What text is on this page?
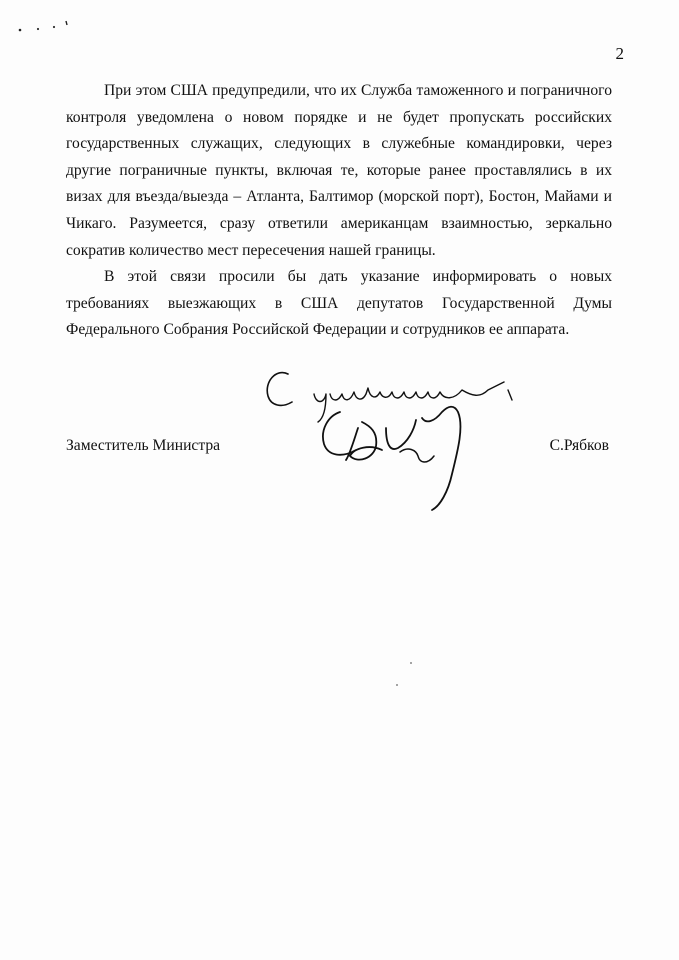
2

При этом США предупредили, что их Служба таможенного и пограничного контроля уведомлена о новом порядке и не будет пропускать российских государственных служащих, следующих в служебные командировки, через другие пограничные пункты, включая те, которые ранее проставлялись в их визах для въезда/выезда – Атланта, Балтимор (морской порт), Бостон, Майами и Чикаго. Разумеется, сразу ответили американцам взаимностью, зеркально сократив количество мест пересечения нашей границы.

В этой связи просили бы дать указание информировать о новых требованиях выезжающих в США депутатов Государственной Думы Федерального Собрания Российской Федерации и сотрудников ее аппарата.

Заместитель Министра	С.Рябков
